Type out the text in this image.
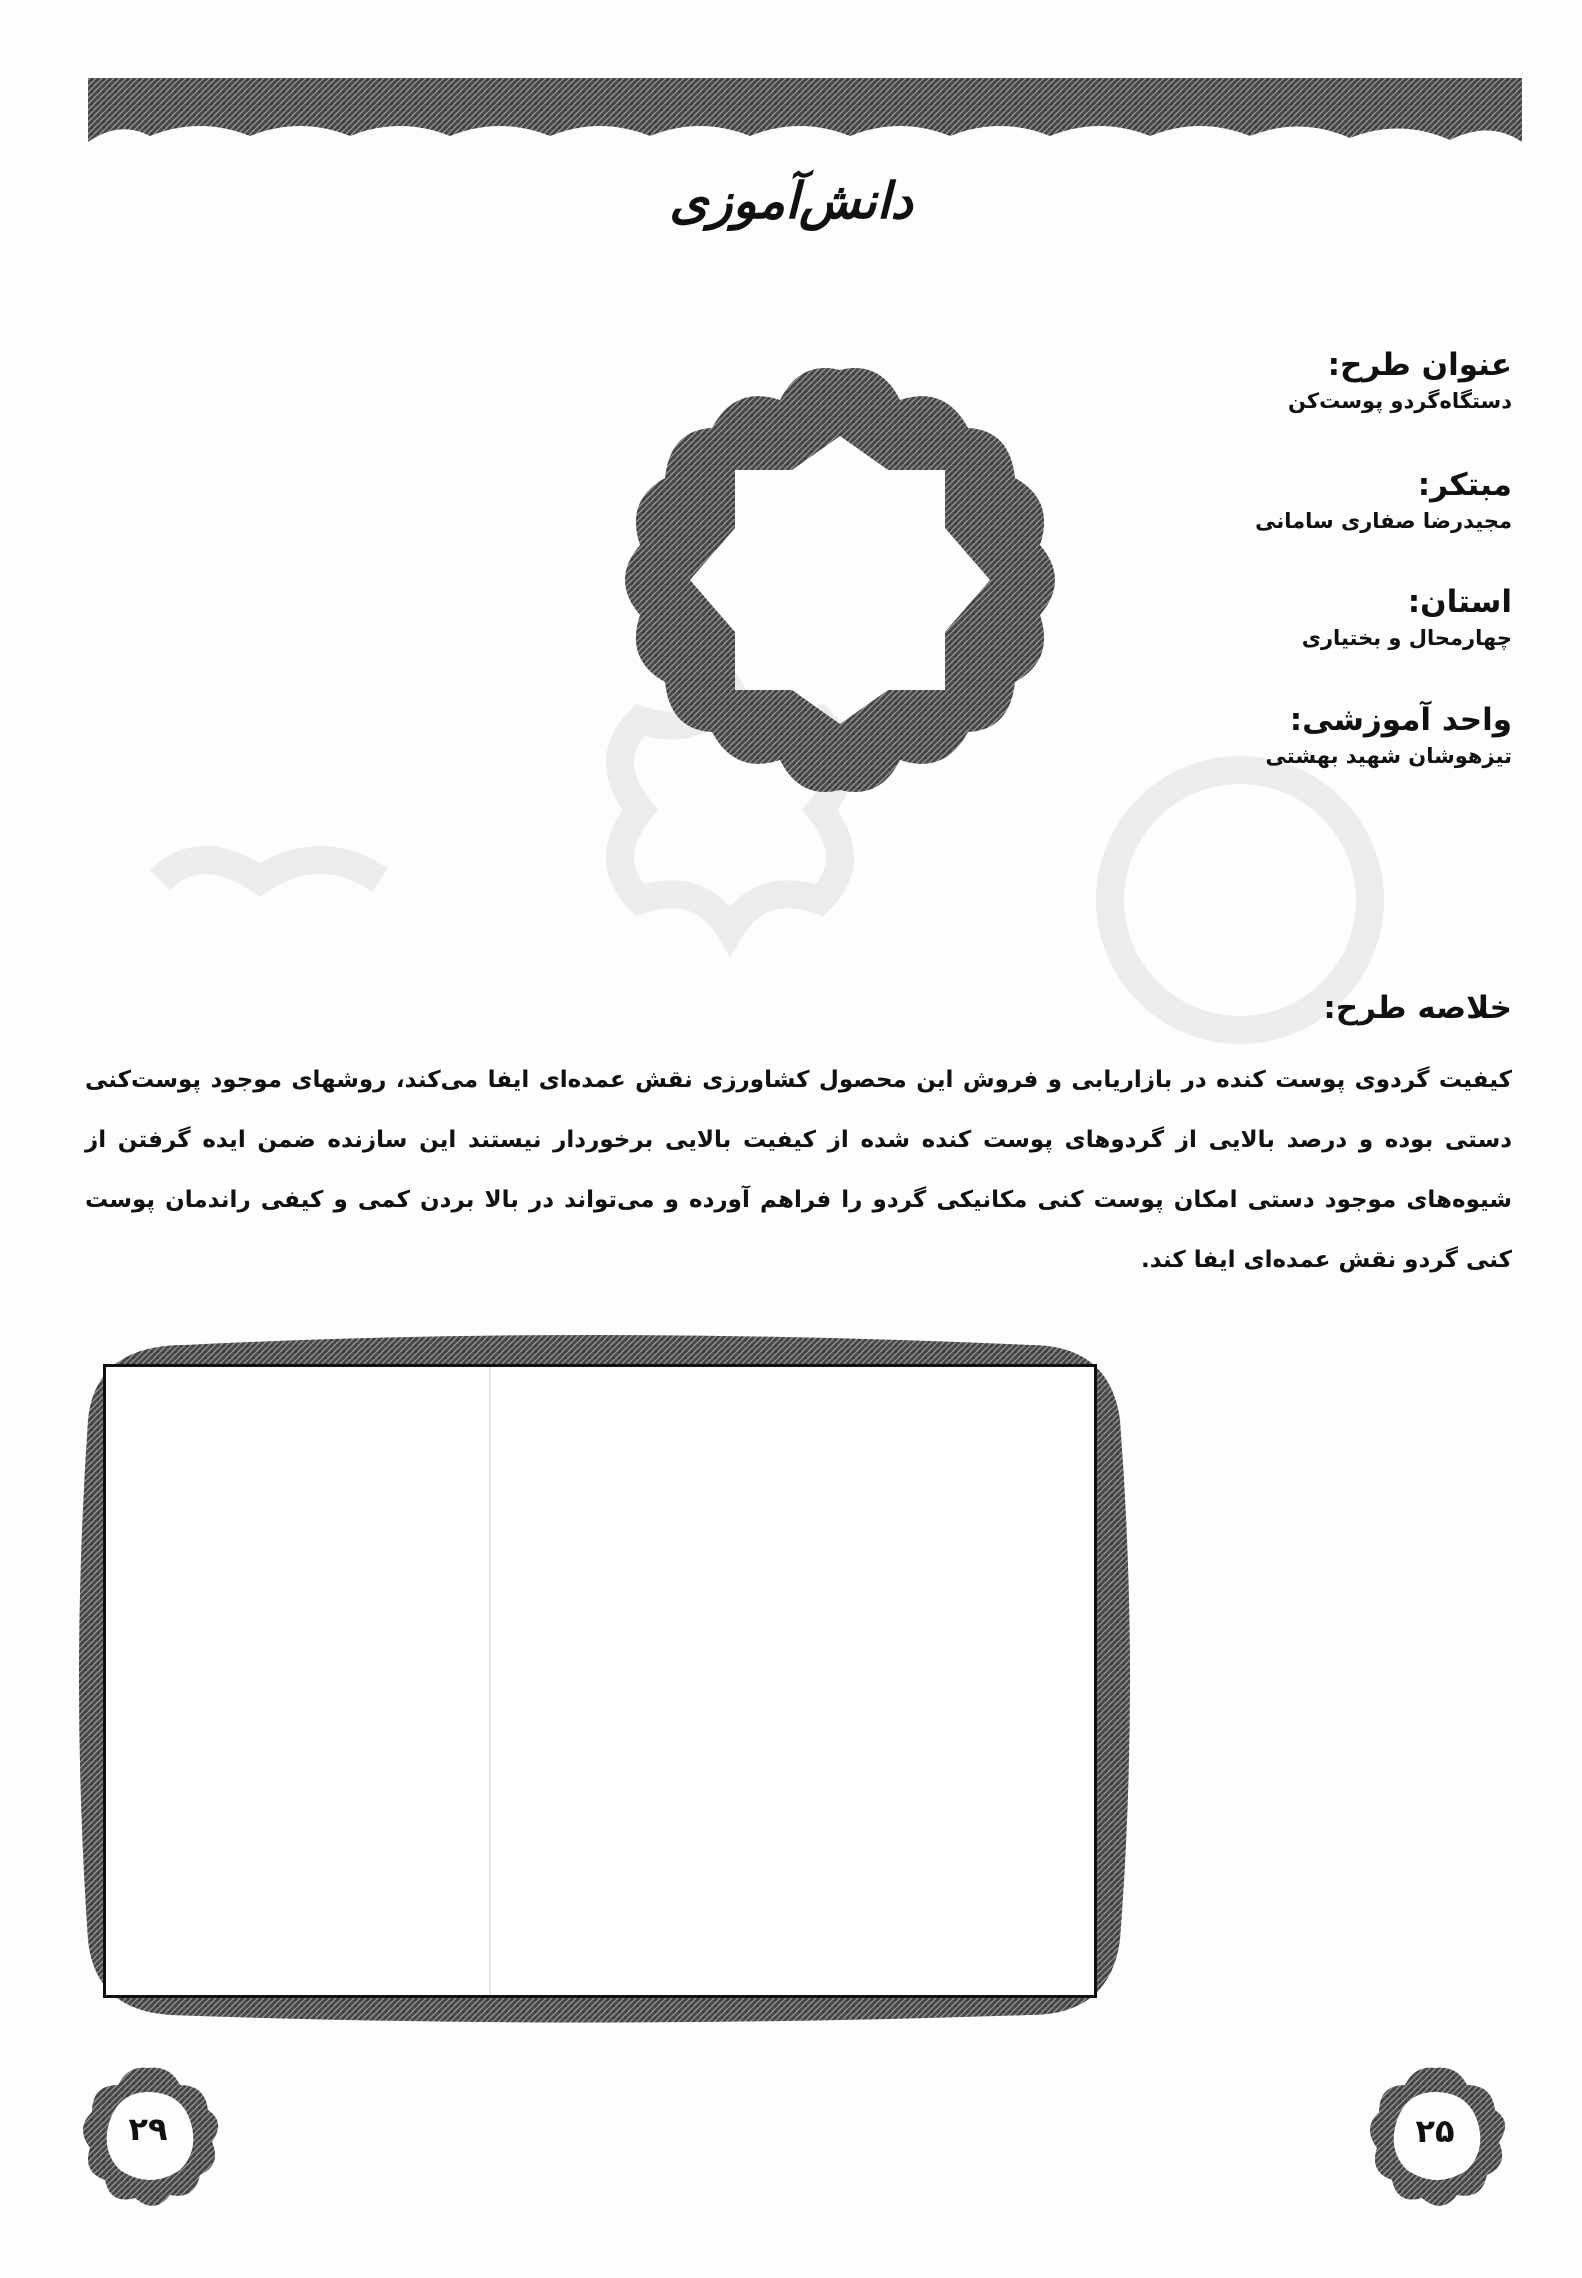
دانش‌آموزی

عنوان طرح:

دستگاه‌گردو پوست‌کن

مبتکر:

مجیدرضا صفاری سامانی

استان:

چهارمحال و بختیاری

واحد آموزشی:

تیزهوشان شهید بهشتی

خلاصه طرح:
کیفیت گردوی پوست کنده در بازاریابی و فروش این محصول کشاورزی نقش عمده‌ای ایفا می‌کند، روشهای موجود پوست‌کنی دستی بوده و درصد بالایی از گردوهای پوست کنده شده از کیفیت بالایی برخوردار نیستند این سازنده ضمن ایده گرفتن از شیوه‌های موجود دستی امکان پوست کنی مکانیکی گردو را فراهم آورده و می‌تواند در بالا بردن کمی و کیفی راندمان پوست کنی گردو نقش عمده‌ای ایفا کند.
۲۹	۲۵
